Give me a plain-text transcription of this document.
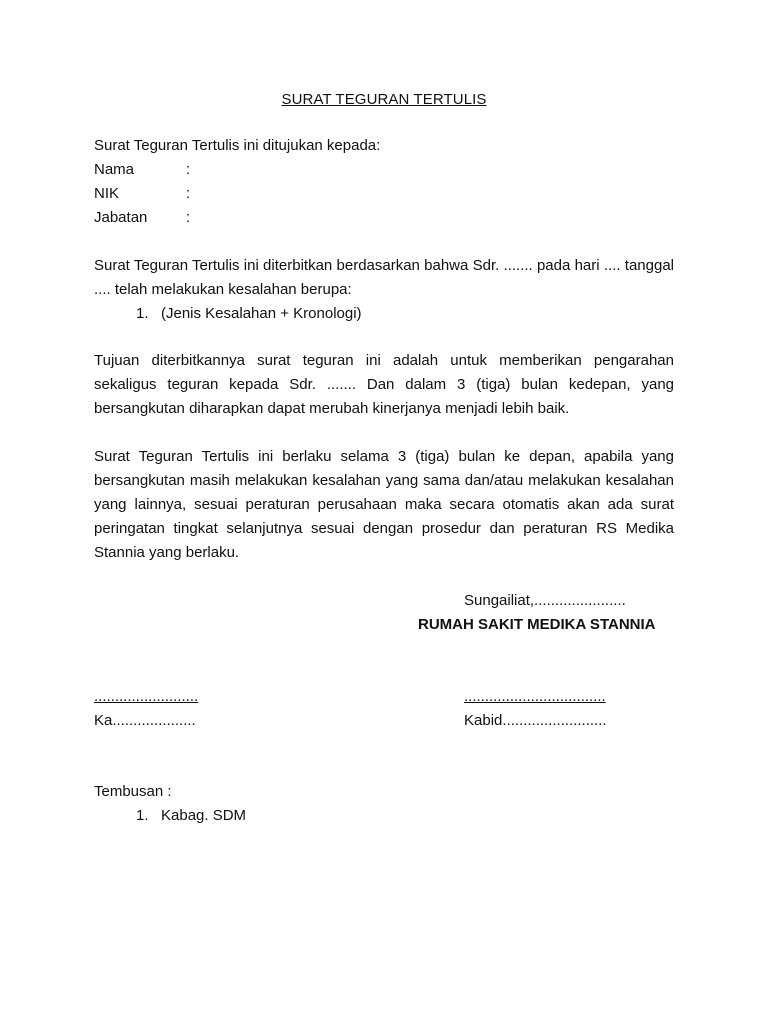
SURAT TEGURAN TERTULIS
Surat Teguran Tertulis ini ditujukan kepada:
Nama	:
NIK	:
Jabatan	:

Surat Teguran Tertulis ini diterbitkan berdasarkan bahwa Sdr. ....... pada hari .... tanggal .... telah melakukan kesalahan berupa:

1. (Jenis Kesalahan + Kronologi)

Tujuan diterbitkannya surat teguran ini adalah untuk memberikan pengarahan sekaligus teguran kepada Sdr. ....... Dan dalam 3 (tiga) bulan kedepan, yang bersangkutan diharapkan dapat merubah kinerjanya menjadi lebih baik.

Surat Teguran Tertulis ini berlaku selama 3 (tiga) bulan ke depan, apabila yang bersangkutan masih melakukan kesalahan yang sama dan/atau melakukan kesalahan yang lainnya, sesuai peraturan perusahaan maka secara otomatis akan ada surat peringatan tingkat selanjutnya sesuai dengan prosedur dan peraturan RS Medika Stannia yang berlaku.

Sungailiat,......................
RUMAH SAKIT MEDIKA STANNIA
.........................
Ka....................
..................................
Kabid.........................
Tembusan :
1. Kabag. SDM
